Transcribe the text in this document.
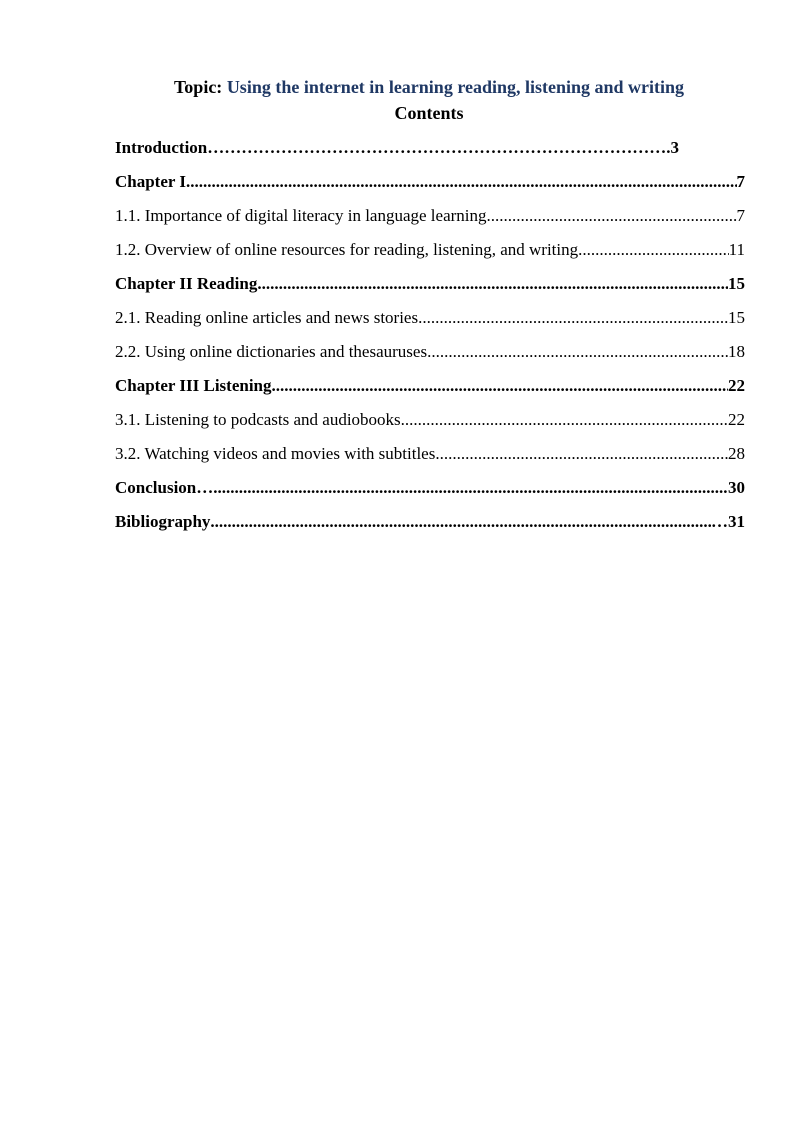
Topic: Using the internet in learning reading, listening and writing
Contents
Introduction……………………………………………………………………… .3
Chapter I .....	7
1.1. Importance of digital literacy in language learning .....	7
1.2. Overview of online resources for reading, listening, and writing .....	11
Chapter II Reading .....	15
2.1. Reading online articles and news stories .....	15
2.2. Using online dictionaries and thesauruses .....	18
Chapter III Listening .....	22
3.1. Listening to podcasts and audiobooks .....	22
3.2. Watching videos and movies with subtitles .....	28
Conclusion… .....	30
Bibliography .....	…31
